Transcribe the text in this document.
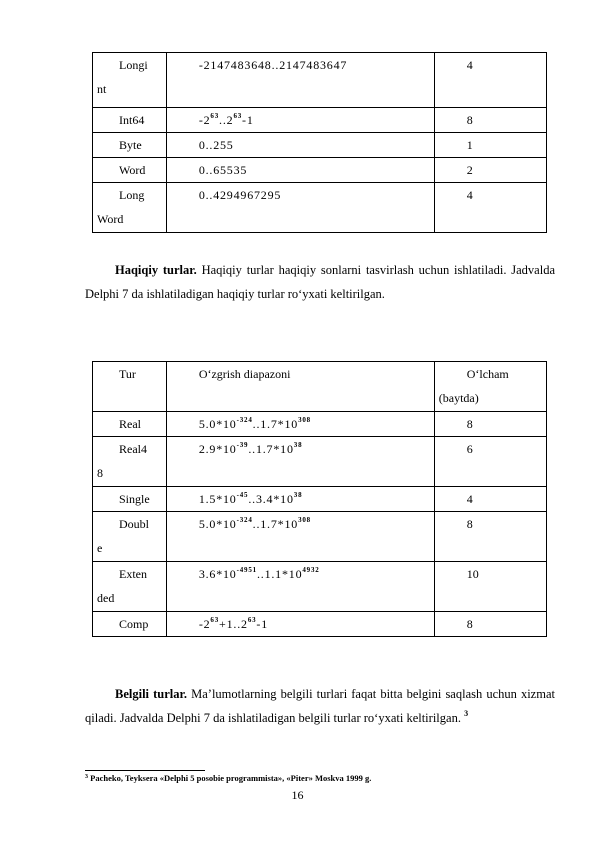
Longi
nt	-2147483648..2147483647	4

Int64	$-2^{63}..2^{63}-1$	8

Byte	0..255	1

Word	0..65535	2

Long
Word	0..4294967295	4
Haqiqiy turlar. Haqiqiy turlar haqiqiy sonlarni tasvirlash uchun ishlatiladi. Jadvalda Delphi 7 da ishlatiladigan haqiqiy turlar ro‘yxati keltirilgan.
Tur	O‘zgrish diapazoni	O‘lcham
(baytda)

Real	$5.0*10^{-324}..1.7*10^{308}$	8

Real4
8	$2.9*10^{-39}..1.7*10^{38}$	6

Single	$1.5*10^{-45}..3.4*10^{38}$	4

Doubl
e	$5.0*10^{-324}..1.7*10^{308}$	8

Exten
ded	$3.6*10^{-4951}..1.1*10^{4932}$	10

Comp	$-2^{63}+1..2^{63}-1$	8
Belgili turlar. Ma’lumotlarning belgili turlari faqat bitta belgini saqlash uchun xizmat qiladi. Jadvalda Delphi 7 da ishlatiladigan belgili turlar ro‘yxati keltirilgan. $^3$
$^3$ Pacheko, Teyksera «Delphi 5 posobie programmista», «Piter» Moskva 1999 g.
16
